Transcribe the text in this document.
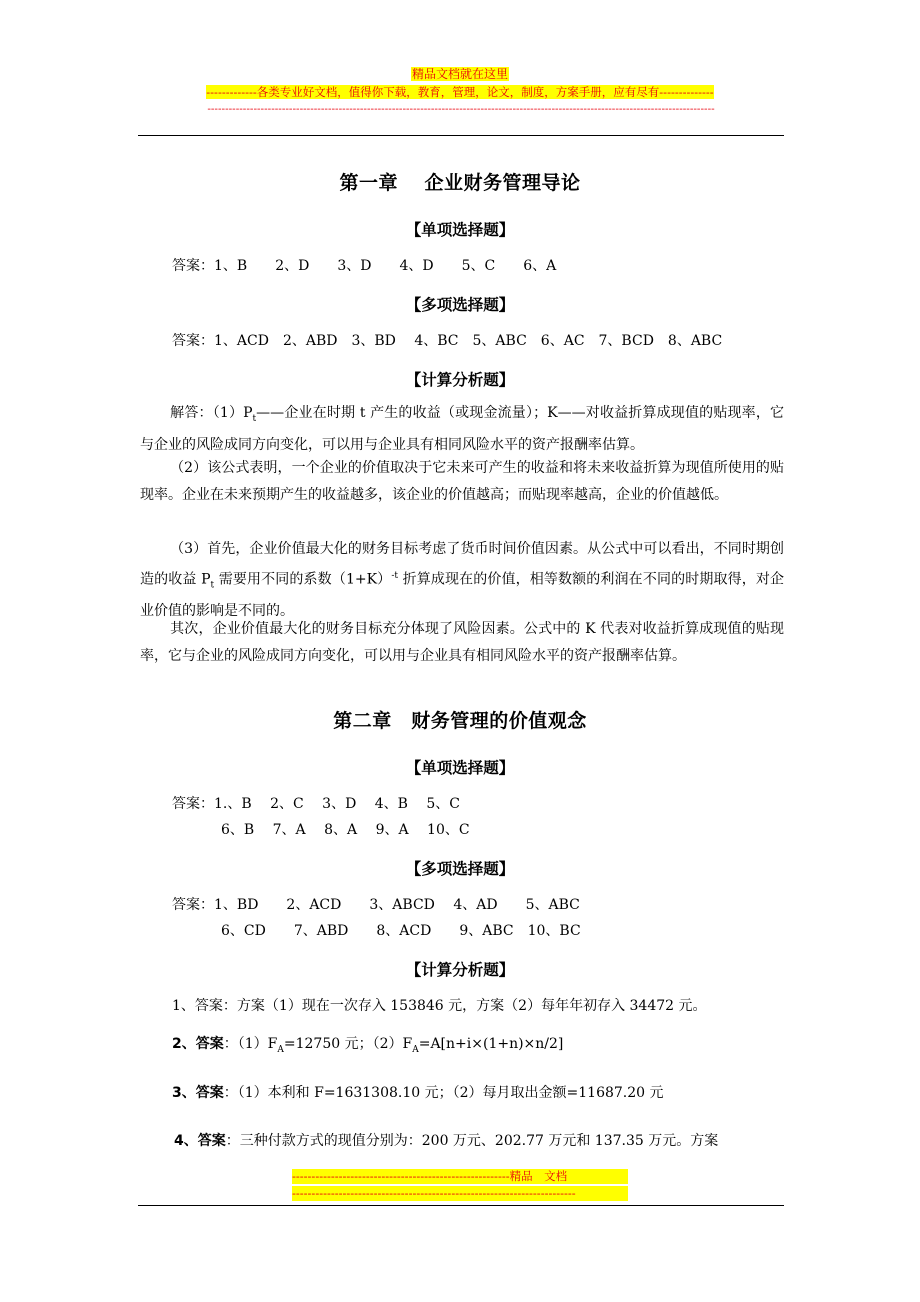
精品文档就在这里
-------------各类专业好文档，值得你下载，教育，管理，论文，制度，方案手册，应有尽有--------------
-----------------------------------------------------------------------------------------------------------------------------------------------
第一章　 企业财务管理导论
【单项选择题】
答案：1、B　　2、D　　3、D　　4、D　　5、C　　6、A
【多项选择题】
答案：1、ACD　2、ABD　3、BD　 4、BC　5、ABC　6、AC　7、BCD　8、ABC
【计算分析题】
解答：$(1)P_t——$企业在时期 t 产生的收益（或现金流量）；K——对收益折算成现值的贴现率，它与企业的风险成同方向变化，可以用与企业具有相同风险水平的资产报酬率估算。
（2）该公式表明，一个企业的价值取决于它未来可产生的收益和将未来收益折算为现值所使用的贴现率。企业在未来预期产生的收益越多，该企业的价值越高；而贴现率越高，企业的价值越低。
（3）首先，企业价值最大化的财务目标考虑了货币时间价值因素。从公式中可以看出，不同时期创造的收益 $P_t$ 需要用不同的系数$(1+K)^{-t}$ 折算成现在的价值，相等数额的利润在不同的时期取得，对企业价值的影响是不同的。
其次，企业价值最大化的财务目标充分体现了风险因素。公式中的 K 代表对收益折算成现值的贴现率，它与企业的风险成同方向变化，可以用与企业具有相同风险水平的资产报酬率估算。
第二章　财务管理的价值观念
【单项选择题】
答案：1.、B　 2、C　 3、D　 4、B　 5、C
6、B　 7、A　 8、A　 9、A　 10、C
【多项选择题】
答案：1、BD　　2、ACD　　3、ABCD　 4、AD　　5、ABC
6、CD　　7、ABD　　8、ACD　　9、ABC　10、BC
【计算分析题】
1、答案：方案（1）现在一次存入 153846 元，方案（2）每年年初存入 34472 元。
2、答案：$(1)F_A=12750$ 元；$(2)F_A=A[n+i\times(1+n)\times n/2]$
3、答案：（1）本利和 F=1631308.10 元；（2）每月取出金额=11687.20 元
4、答案：三种付款方式的现值分别为：200 万元、202.77 万元和 137.35 万元。方案
--------------------------------------------------------精品　文档
-------------------------------------------------------------------------
